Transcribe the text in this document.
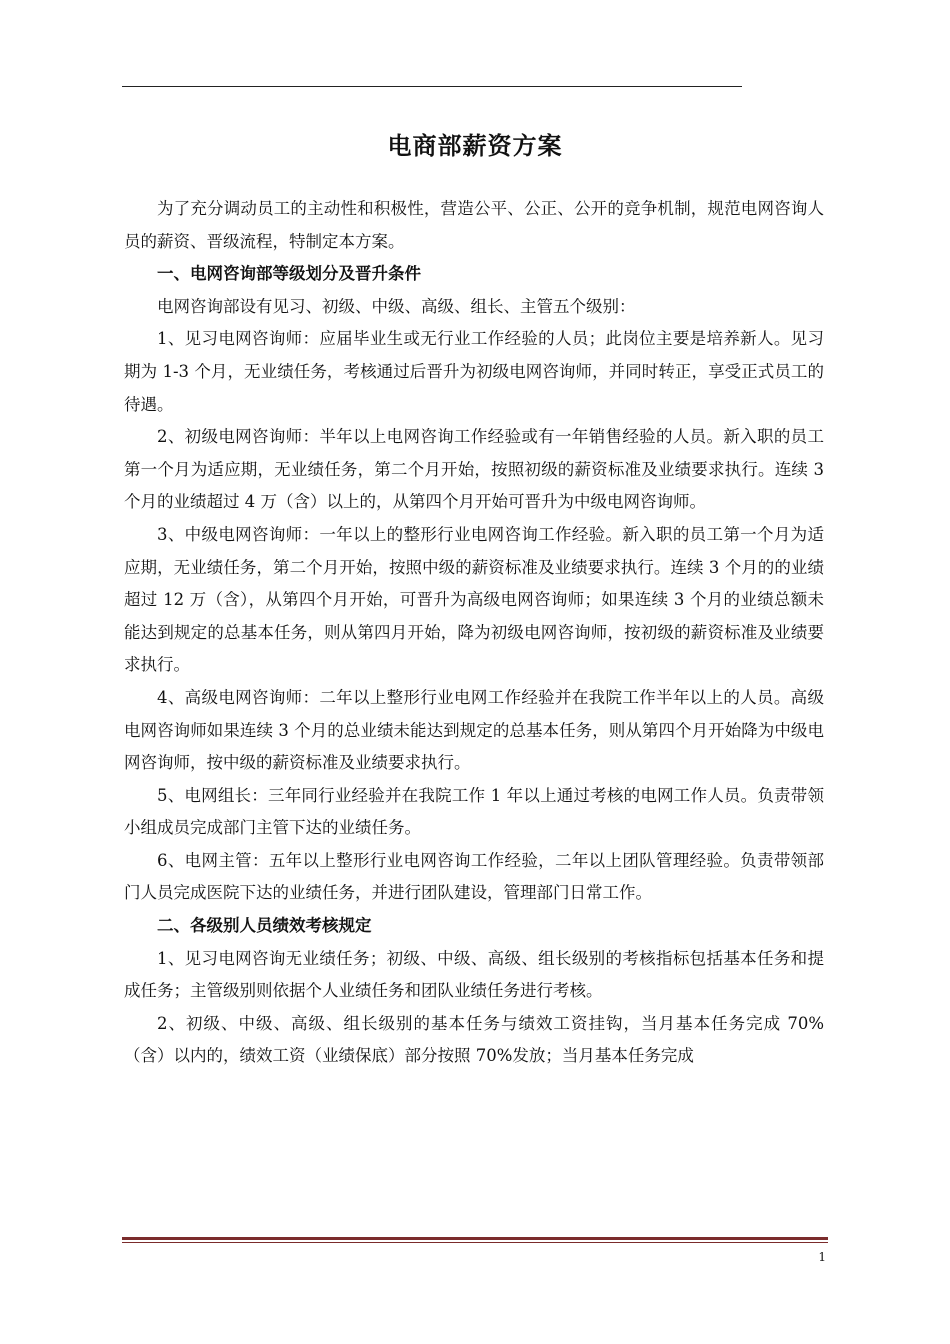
电商部薪资方案

为了充分调动员工的主动性和积极性，营造公平、公正、公开的竞争机制，规范电网咨询人员的薪资、晋级流程，特制定本方案。

一、电网咨询部等级划分及晋升条件

电网咨询部设有见习、初级、中级、高级、组长、主管五个级别：

1、见习电网咨询师：应届毕业生或无行业工作经验的人员；此岗位主要是培养新人。见习期为 1-3 个月，无业绩任务，考核通过后晋升为初级电网咨询师，并同时转正，享受正式员工的待遇。

2、初级电网咨询师：半年以上电网咨询工作经验或有一年销售经验的人员。新入职的员工第一个月为适应期，无业绩任务，第二个月开始，按照初级的薪资标准及业绩要求执行。连续 3 个月的业绩超过 4 万（含）以上的，从第四个月开始可晋升为中级电网咨询师。

3、中级电网咨询师：一年以上的整形行业电网咨询工作经验。新入职的员工第一个月为适应期，无业绩任务，第二个月开始，按照中级的薪资标准及业绩要求执行。连续 3 个月的的业绩超过 12 万（含），从第四个月开始，可晋升为高级电网咨询师；如果连续 3 个月的业绩总额未能达到规定的总基本任务，则从第四月开始，降为初级电网咨询师，按初级的薪资标准及业绩要求执行。

4、高级电网咨询师：二年以上整形行业电网工作经验并在我院工作半年以上的人员。高级电网咨询师如果连续 3 个月的总业绩未能达到规定的总基本任务，则从第四个月开始降为中级电网咨询师，按中级的薪资标准及业绩要求执行。

5、电网组长：三年同行业经验并在我院工作 1 年以上通过考核的电网工作人员。负责带领小组成员完成部门主管下达的业绩任务。

6、电网主管：五年以上整形行业电网咨询工作经验，二年以上团队管理经验。负责带领部门人员完成医院下达的业绩任务，并进行团队建设，管理部门日常工作。

二、各级别人员绩效考核规定

1、见习电网咨询无业绩任务；初级、中级、高级、组长级别的考核指标包括基本任务和提成任务；主管级别则依据个人业绩任务和团队业绩任务进行考核。

2、初级、中级、高级、组长级别的基本任务与绩效工资挂钩，当月基本任务完成 70%（含）以内的，绩效工资（业绩保底）部分按照 70%发放；当月基本任务完成

1
